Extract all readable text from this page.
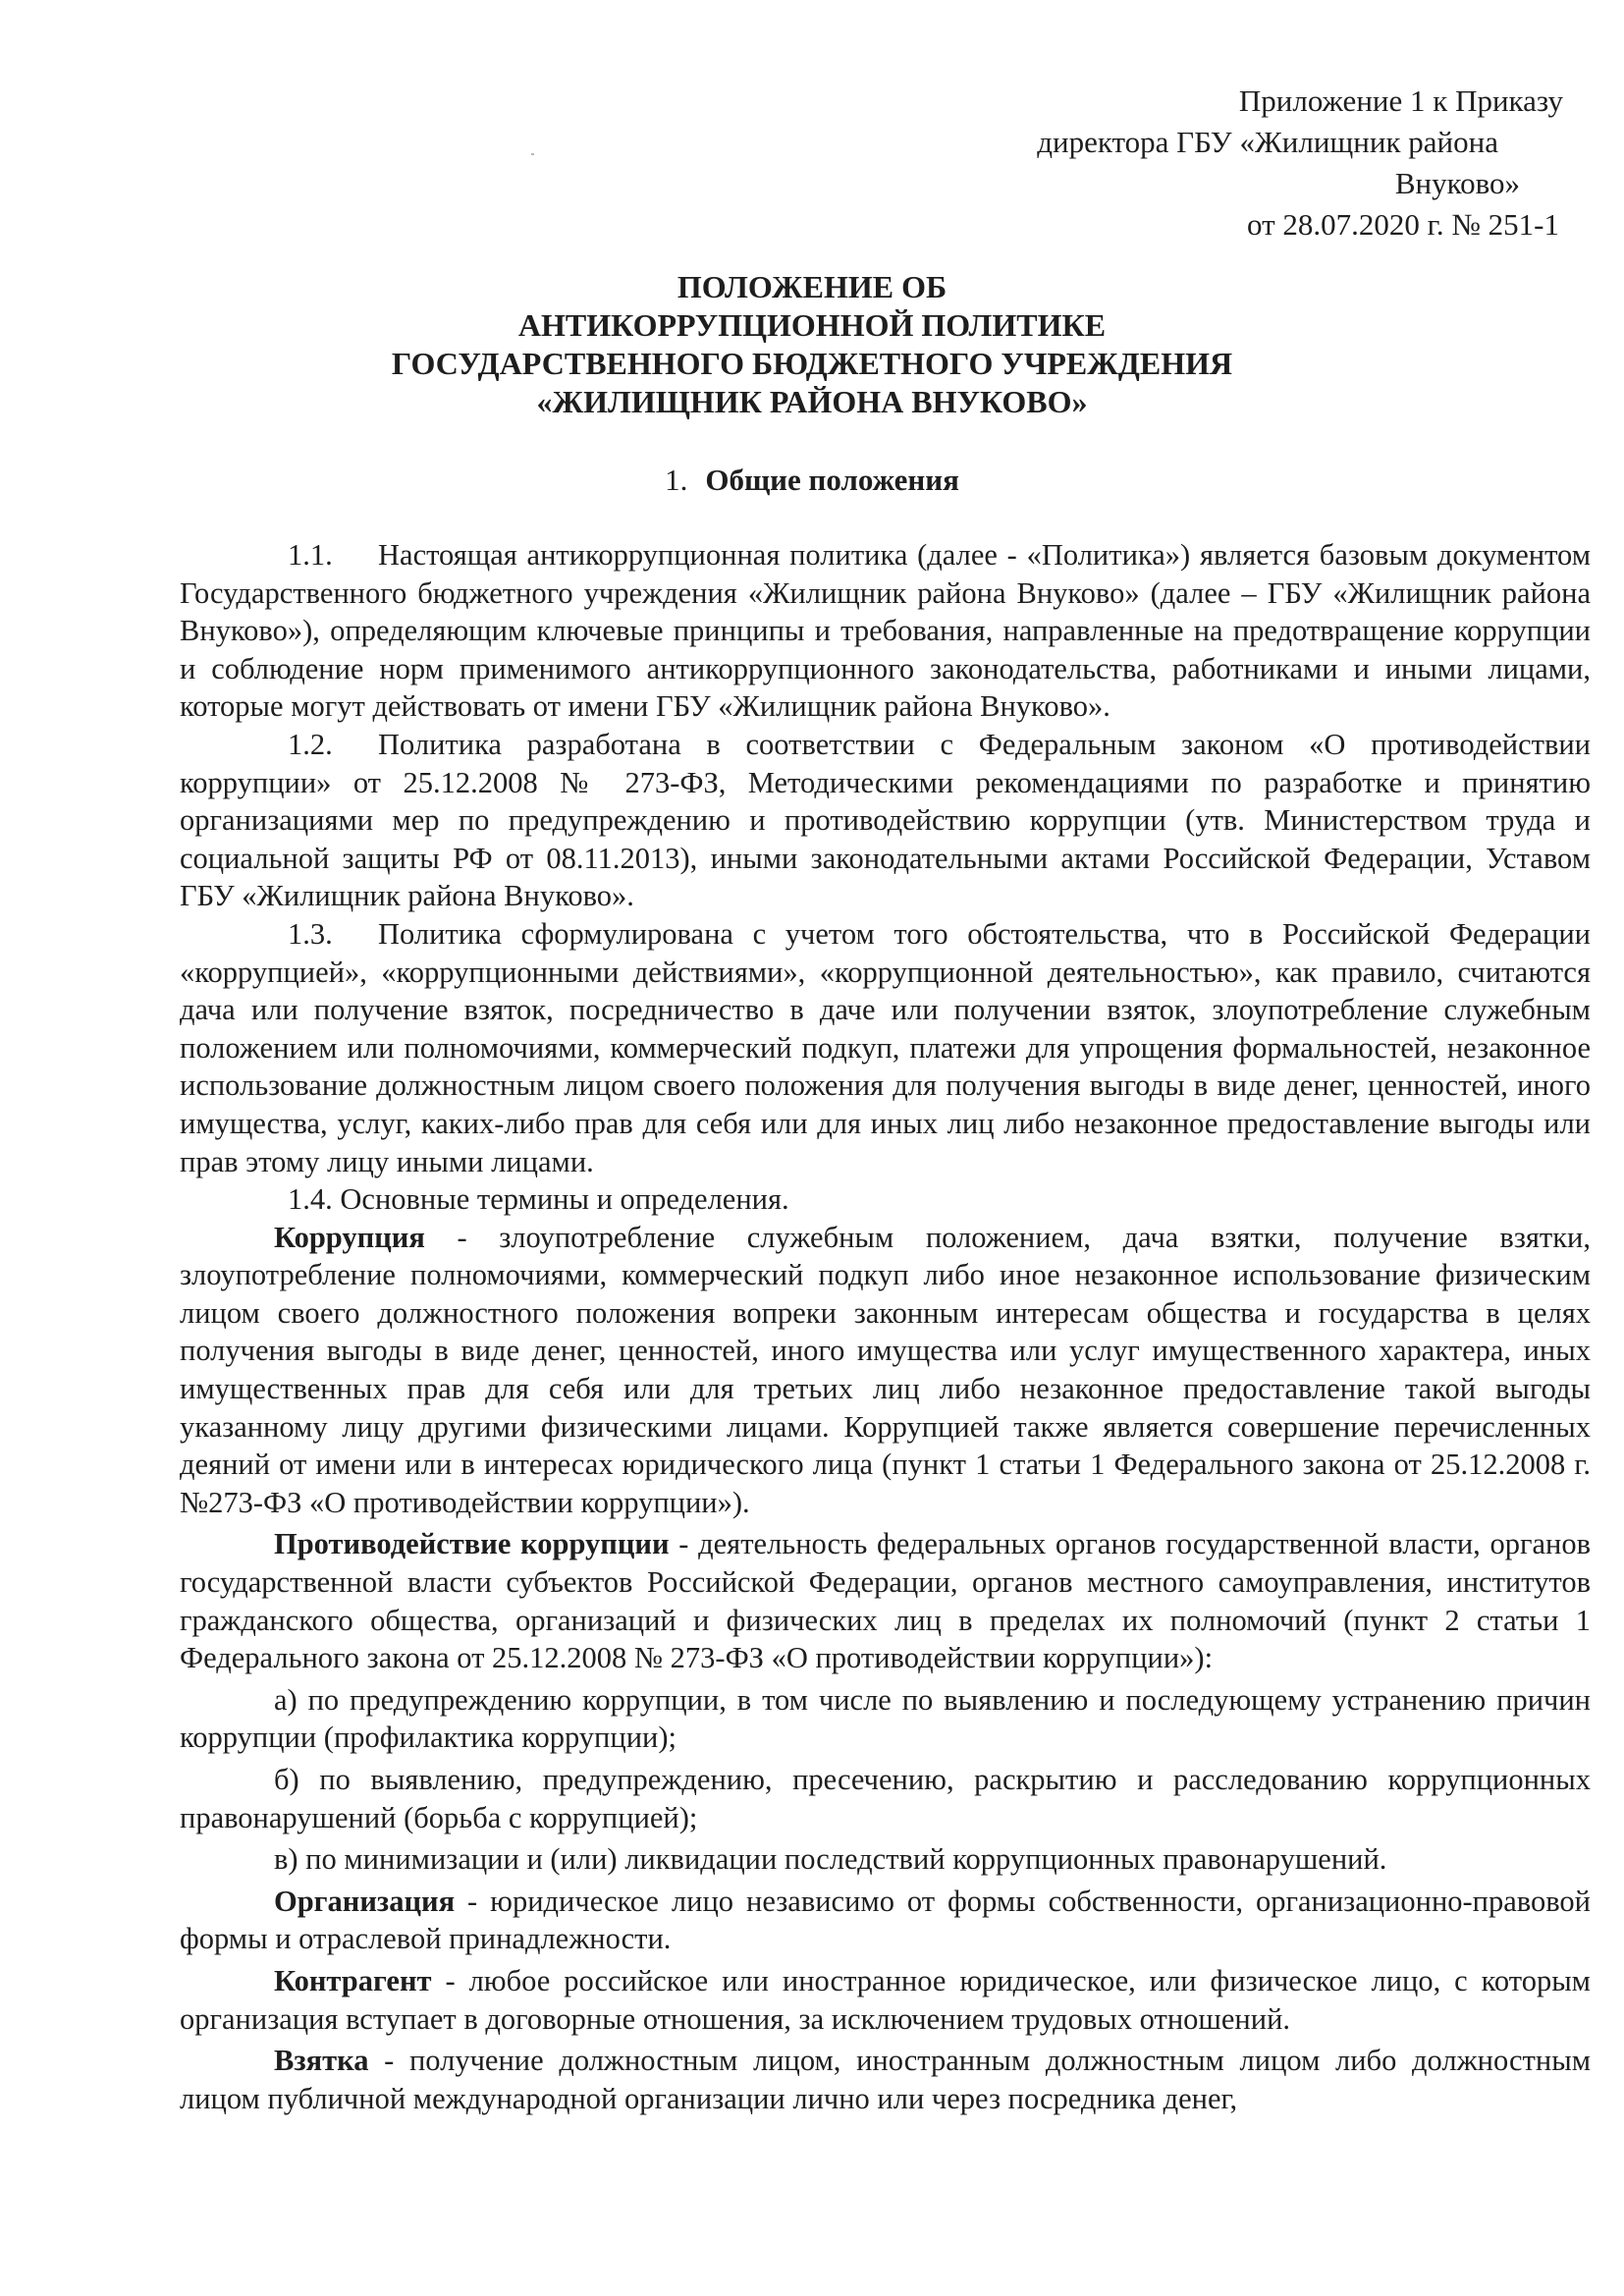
Приложение 1 к Приказу
директора ГБУ «Жилищник района
Внуково»
от 28.07.2020 г. № 251-1
ПОЛОЖЕНИЕ ОБ
АНТИКОРРУПЦИОННОЙ ПОЛИТИКЕ
ГОСУДАРСТВЕННОГО БЮДЖЕТНОГО УЧРЕЖДЕНИЯ
«ЖИЛИЩНИК РАЙОНА ВНУКОВО»
1. Общие положения

1.1. Настоящая антикоррупционная политика (далее - «Политика») является базовым документом Государственного бюджетного учреждения «Жилищник района Внуково» (далее – ГБУ «Жилищник района Внуково»), определяющим ключевые принципы и требования, направленные на предотвращение коррупции и соблюдение норм применимого антикоррупционного законодательства, работниками и иными лицами, которые могут действовать от имени ГБУ «Жилищник района Внуково».

1.2. Политика разработана в соответствии с Федеральным законом «О противодействии коррупции» от 25.12.2008 № 273-ФЗ, Методическими рекомендациями по разработке и принятию организациями мер по предупреждению и противодействию коррупции (утв. Министерством труда и социальной защиты РФ от 08.11.2013), иными законодательными актами Российской Федерации, Уставом ГБУ «Жилищник района Внуково».

1.3. Политика сформулирована с учетом того обстоятельства, что в Российской Федерации «коррупцией», «коррупционными действиями», «коррупционной деятельностью», как правило, считаются дача или получение взяток, посредничество в даче или получении взяток, злоупотребление служебным положением или полномочиями, коммерческий подкуп, платежи для упрощения формальностей, незаконное использование должностным лицом своего положения для получения выгоды в виде денег, ценностей, иного имущества, услуг, каких-либо прав для себя или для иных лиц либо незаконное предоставление выгоды или прав этому лицу иными лицами.

1.4. Основные термины и определения.

Коррупция - злоупотребление служебным положением, дача взятки, получение взятки, злоупотребление полномочиями, коммерческий подкуп либо иное незаконное использование физическим лицом своего должностного положения вопреки законным интересам общества и государства в целях получения выгоды в виде денег, ценностей, иного имущества или услуг имущественного характера, иных имущественных прав для себя или для третьих лиц либо незаконное предоставление такой выгоды указанному лицу другими физическими лицами. Коррупцией также является совершение перечисленных деяний от имени или в интересах юридического лица (пункт 1 статьи 1 Федерального закона от 25.12.2008 г. №273-ФЗ «О противодействии коррупции»).

Противодействие коррупции - деятельность федеральных органов государственной власти, органов государственной власти субъектов Российской Федерации, органов местного самоуправления, институтов гражданского общества, организаций и физических лиц в пределах их полномочий (пункт 2 статьи 1 Федерального закона от 25.12.2008 № 273-ФЗ «О противодействии коррупции»):

а) по предупреждению коррупции, в том числе по выявлению и последующему устранению причин коррупции (профилактика коррупции);

б) по выявлению, предупреждению, пресечению, раскрытию и расследованию коррупционных правонарушений (борьба с коррупцией);

в) по минимизации и (или) ликвидации последствий коррупционных правонарушений.

Организация - юридическое лицо независимо от формы собственности, организационно-правовой формы и отраслевой принадлежности.

Контрагент - любое российское или иностранное юридическое, или физическое лицо, с которым организация вступает в договорные отношения, за исключением трудовых отношений.

Взятка - получение должностным лицом, иностранным должностным лицом либо должностным лицом публичной международной организации лично или через посредника денег,
